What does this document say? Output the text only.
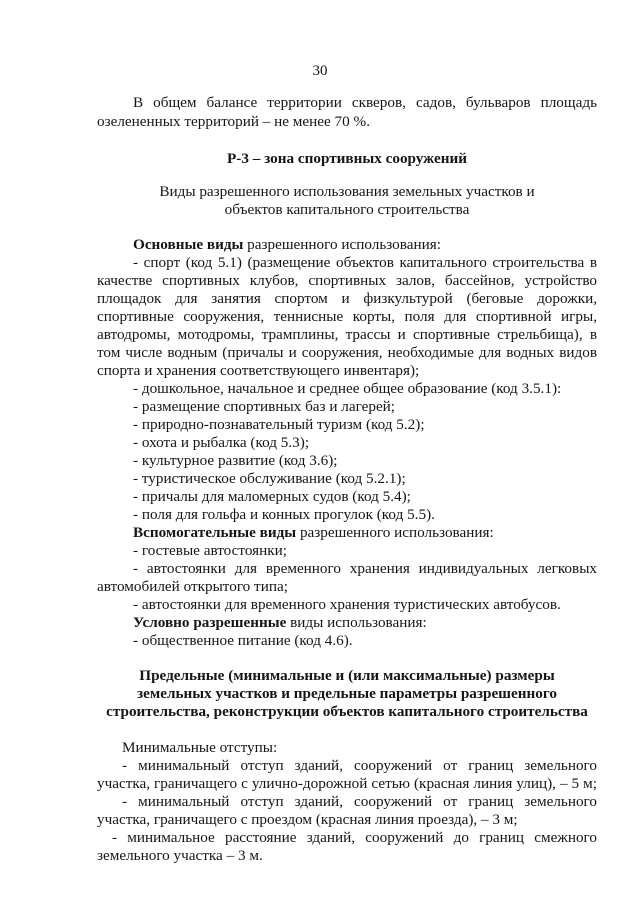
30
В общем балансе территории скверов, садов, бульваров площадь
озелененных территорий – не менее 70 %.
Р-3 – зона спортивных сооружений
Виды разрешенного использования земельных участков и
объектов капитального строительства
Основные виды разрешенного использования:
- спорт (код 5.1) (размещение объектов капитального строительства в
качестве спортивных клубов, спортивных залов, бассейнов, устройство
площадок для занятия спортом и физкультурой (беговые дорожки,
спортивные сооружения, теннисные корты, поля для спортивной игры,
автодромы, мотодромы, трамплины, трассы и спортивные стрельбища), в
том числе водным (причалы и сооружения, необходимые для водных видов
спорта и хранения соответствующего инвентаря);
- дошкольное, начальное и среднее общее образование (код 3.5.1):
- размещение спортивных баз и лагерей;
- природно-познавательный туризм (код 5.2);
- охота и рыбалка (код 5.3);
- культурное развитие (код 3.6);
- туристическое обслуживание (код 5.2.1);
- причалы для маломерных судов (код 5.4);
- поля для гольфа и конных прогулок (код 5.5).
Вспомогательные виды разрешенного использования:
- гостевые автостоянки;
- автостоянки для временного хранения индивидуальных легковых
автомобилей открытого типа;
- автостоянки для временного хранения туристических автобусов.
Условно разрешенные виды использования:
- общественное питание (код 4.6).
Предельные (минимальные и (или максимальные) размеры
земельных участков и предельные параметры разрешенного
строительства, реконструкции объектов капитального строительства
Минимальные отступы:
- минимальный отступ зданий, сооружений от границ земельного
участка, граничащего с улично-дорожной сетью (красная линия улиц), – 5 м;
- минимальный отступ зданий, сооружений от границ земельного
участка, граничащего с проездом (красная линия проезда), – 3 м;
- минимальное расстояние зданий, сооружений до границ смежного
земельного участка – 3 м.
